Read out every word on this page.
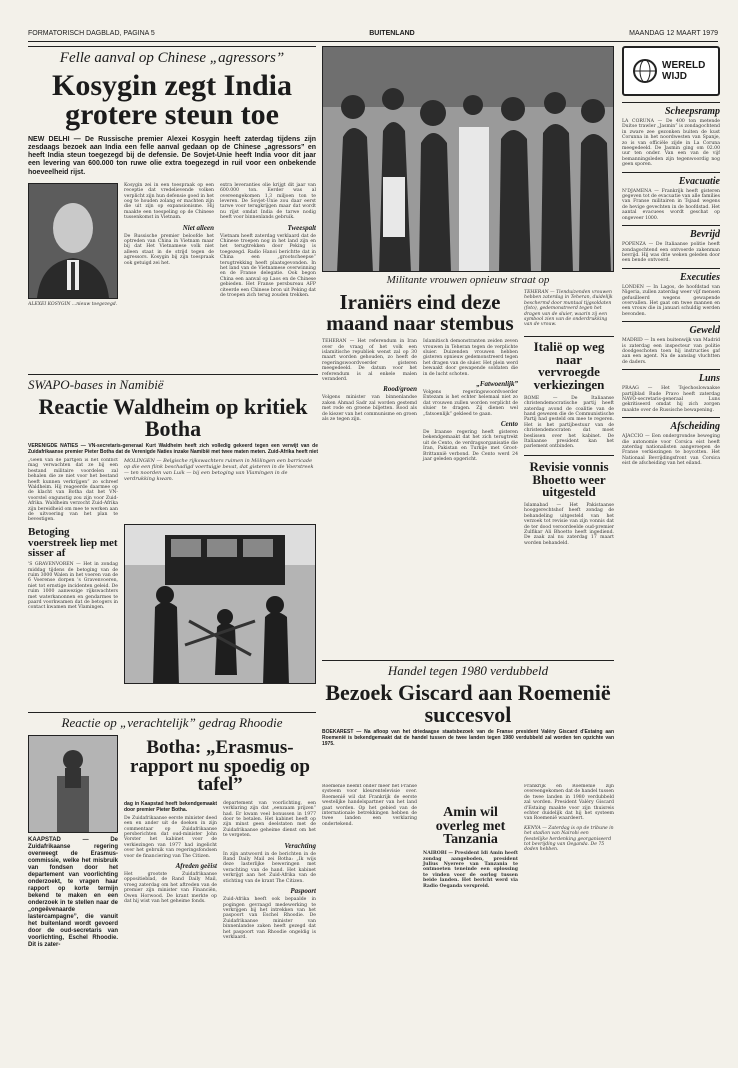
FORMATORISCH DAGBLAD, PAGINA 5	BUITENLAND	MAANDAG 12 MAART 1979
Felle aanval op Chinese „agressors”
Kosygin zegt India grotere steun toe
NEW DELHI — De Russische premier Alexei Kosygin heeft zaterdag tijdens zijn zesdaags bezoek aan India een felle aanval gedaan op de Chinese „agressors” en heeft India steun toegezegd bij de defensie. De Sovjet-Unie heeft India voor dit jaar een levering van 600.000 ton ruwe olie extra toegezegd in ruil voor een onbekende hoeveelheid rijst.
ALEXEI KOSYGIN ...nieuw toegezegd.
Kosygin zei in een toespraak op een receptie dat vredelievende volken verplicht zijn hun defensie goed in het oog te houden zolang er machten zijn die uit zijn op expansionisme. Hij maakte een toespeling op de Chinese tussenkomst in Vietnam.
Niet alleen
De Russische premier beloofde het optreden van China in Vietnam maar bij dat Het Vietnamese volk niet alleen staat in de strijd tegen de agressors. Kosygin bij zijn toespraak ook getuigd zei het.
extra leveranties olie krijgt dit jaar van 600.000 ton. Eerder was al overeengekomen 1,3 miljoen ton te leveren. De Sovjet-Unie zou daar eerst tarwe voor terugkrijgen maar dat wordt nu rijst omdat India de tarwe nodig heeft voor binnenlands gebruik.
Tweespalt
Vietnam heeft zaterdag verklaard dat de Chinese troepen nog in het land zijn en het terugtrekken door Peking is toegezegd. Radio Hanoi berichtte dat in China een „grootscheepse” terugtrekking heeft plaatsgevonden. In het land van de Vietnamese overwinning en de Franse delegatie. Ook begon China een aanval op Laos en de Chinese gebieden. Het Franse persbureau AFP citeerde een Chinese bron uit Peking dat de troepen zich terug zouden trekken.
Militante vrouwen opnieuw straat op
Iraniërs eind deze maand naar stembus
TEHERAN — Het referendum in Iran over de vraag of het volk een islamitische republiek wenst zal op 30 maart worden gehouden, zo heeft de regeringswoordvoerder gisteren meegedeeld. De datum voor het referendum is al enkele malen veranderd.
Rood/groen
Volgens minister van binnenlandse zaken Ahmad Sadr zal worden gestemd met rode en groene biljetten. Rood als de kiezer van het communisme en groen als ze tegen zijn.
Islamitisch demonstranten zeiden zeven vrouwen in Teheran tegen de verplichte sluier. Duizenden vrouwen hebben gisteren opnieuw gedemonstreerd tegen het dragen van de sluier. Het plein werd bewaakt door gewapende soldaten die in de lucht schoten.
„Fatwoenlijk”
Volgens regeringswoordvoerder Entezam is het echter helemaal niet zo dat vrouwen zullen worden verplicht de sluier te dragen. Zij dienen wel „fatsoenlijk” gekleed te gaan.
Cento
De Iraanse regering heeft gisteren bekendgemaakt dat het zich terugtrekt uit de Cento, de verdragsorganisatie die Iran, Pakistan en Turkije met Groot-Brittannië verbond. De Cento werd 24 jaar geleden opgericht.
TEHERAN — Tienduizenden vrouwen hebben zaterdag in Teheran, duidelijk beschermd door muntaal tijgsoldaten (foto), gedemonstreerd tegen het dragen van de sluier, waarin zij een symbool zien van de onderdrukking van de vrouw.
Italië op weg naar vervroegde verkiezingen
ROME — De Italiaanse christendemocratische partij heeft zaterdag avond de coalitie van de hand gewezen die de Communistische Partij had gesteld om mee te regeren. Het is het partijbestuur van de christendemocraten dat moet beslissen over het kabinet. De Italiaanse president kan het parlement ontbinden.
Revisie vonnis Bhoetto weer uitgesteld
Islamabad — Het Pakistaanse hooggerechtshof heeft zondag de behandeling uitgesteld van het verzoek tot revisie van zijn vonnis dat de ter dood veroordeelde oud-premier Zulfikar Ali Bhoetto heeft ingediend. De zaak zal nu zaterdag 17 maart worden behandeld.
WERELD WIJD
Scheepsramp
LA CORUNA — De 400 ton metende Duitse trawler „Jasmin” is zondagochtend in zware zee gezonken buiten de kust Corunna in het noordwesten van Spanje, zo is van officiële zijde in La Coruna meegedeeld. De Jasmin ging om 02.00 uur ten onder. Van een van de vijf bemanningsleden zijn tegenwoordig nog geen sporen.
Evacuatie
N'DJAMENA — Frankrijk heeft gisteren gegeven tot de evacuatie van alle families van Franse militairen in Tsjaad wegens de hevige gevechten in de hoofdstad. Het aantal evacuees wordt geschat op ongeveer 1000.
Bevrijd
POPENZA — De Italiaanse politie heeft zondagochtend een ontvoerde zakenman bevrijd. Hij was drie weken geleden door een bende ontvoerd.
Executies
LONDEN — In Lagos, de hoofdstad van Nigeria, zullen zaterdag weer vijf mensen gefusilleerd wegens gewapende overvallen. Het gaat om twee mannen en een vrouw die in januari schuldig werden bevonden.
Geweld
MADRID — In een buitenwijk van Madrid is zaterdag een inspecteur van politie doodgeschoten toen hij instructies gaf aan een agent. Na de aanslag vluchtten de daders.
Luns
PRAAG — Het Tsjechoslowaakse partijblad Rude Pravo heeft zaterdag NAVO-secretaris-generaal Luns gekritiseerd omdat hij zich zorgen maakte over de Russische bewapening.
Afscheiding
AJACCIO — Een ondergrondse beweging die autonomie voor Corsica eist heeft zaterdag nationalisten aangeroepen de Franse verkiezingen te boycotten. Het Nationaal Bevrijdingsfront van Corsica eist de afscheiding van het eiland.
SWAPO-bases in Namibië
Reactie Waldheim op kritiek Botha
VERENIGDE NATIES — VN-secretaris-generaal Kurt Waldheim heeft zich volledig gekeerd tegen een verwijt van de Zuidafrikaanse premier Pieter Botha dat de Verenigde Naties inzake Namibië met twee maten meten. Zuid-Afrika heeft niet
„Geen van de partijen is het conflict mag verwachten dat ze bij een bestand militaire voordelen zal behalen die ze niet voor het bestand heeft kunnen verkrijgen” zo schreef Waldheim. Hij reageerde daarmee op de klacht van Botha dat het VN-voorstel ongunstig zou zijn voor Zuid-Afrika. Waldheim verzocht Zuid-Afrika zijn bereidheid om mee te werken aan de uitvoering van het plan te bevestigen.
Betoging voerstreek liep met sisser af
'S GRAVENVOREN — Het in zondag middag tijdens de betoging van de ruim 3000 Walen in het voeren van de 6 Voerense dorpen 's Gravenvoeren, niet tot ernstige incidenten geleid. De ruim 1000 aanwezige rijkswachters met waterkanonnen en gendarmes te paard voorkwamen dat de betogers in contact kwamen met Vlamingen.
MOLINGEN — Belgische rijkswachters ruimen in Mölingen een barricade op die een flink beschadigd voertuigje bevat, dat gisteren in de Voerstreek — ten noorden van Luik — bij een betoging van Vlamingen in de verdrukking kwam.
Handel tegen 1980 verdubbeld
Bezoek Giscard aan Roemenië succesvol
BOEKAREST — Na afloop van het driedaagse staatsbezoek van de Franse president Valéry Giscard d'Estaing aan Roemenië is bekendgemaakt dat de handel tussen de twee landen tegen 1980 verdubbeld zal worden ten opzichte van 1975.
Roemenië neemt onder meer het Franse systeem voor kleurentelevisie over. Roemenië wil dat Frankrijk de eerste westelijke handelspartner van het land gaat worden. Op het gebied van de internationale betrekkingen hebben de twee landen een verklaring ondertekend.
Amin wil overleg met Tanzania
NAIROBI — President Idi Amin heeft zondag aangeboden, president Julius Nyerere van Tanzania te ontmoeten teneinde een oplossing te vinden voor de oorlog tussen beide landen. Het bericht werd via Radio Oeganda verspreid.
Frankrijk en Roemenië zijn overeengekomen dat de handel tussen de twee landen in 1980 verdubbeld zal worden. President Valéry Giscard d'Estaing maakte voor zijn thuisreis echter duidelijk dat hij het systeem van Roemenië waardeert.
KENYA — Zaterdag is op de tribune in het stadion van Nairobi een feestelijke herdenking georganiseerd tot bevrijding van Oeganda. De 75 doden hebben.
Reactie op „verachtelijk” gedrag Rhoodie
KAAPSTAD — De Zuidafrikaanse regering overweegt de Erasmus-commissie, welke het misbruik van fondsen door het departement van voorlichting onderzoekt, te vragen haar rapport op korte termijn bekend te maken en een onderzoek in te stellen naar de „ongeëvenaarde lastercampagne”, die vanuit het buitenland wordt gevoerd door de oud-secretaris van voorlichting, Eschel Rhoodie. Dit is zater-
Botha: „Erasmus-rapport nu spoedig op tafel”
dag in Kaapstad heeft bekendgemaakt door premier Pieter Botha.
De Zuidafrikaanse eerste minister deed een en ander uit de doeken in zijn commentaar op Zuidafrikaanse persberichten dat oud-minister John Vorster het kabinet voor de verkiezingen van 1977 had ingelicht over het gebruik van regeringsfondsen voor de financiering van The Citizen.
Afreden geëist
Het grootste Zuidafrikaanse oppositieblad, de Rand Daily Mail, vroeg zaterdag om het aftreden van de premier zijn minister van Financiën, Owen Horwood. De krant merkte op dat hij wist van het geheime fonds.
departement van voorlichting, een verklaring zijn dat „eenzaam prijzen” had. Er kwam veel bonussen in 1977 door te betalen. Het kabinet heeft op zijn minst geen deelstaten met de Zuidafrikaanse geheime dienst om het te vergeten.
Verachting
In zijn antwoord in de berichten in de Rand Daily Mail zei Botha: „Ik wijs deze lasterlijke beweringen met verachting van de hand. Het kabinet verkrijgt aan het Zuid-Afrika van de stichting van de krant The Citizen.
Paspoort
Zuid-Afrika heeft ook bepaalde in pogingen gevraagd medewerking te verkrijgen bij het intrekken van het paspoort van Eschel Rhoodie. De Zuidafrikaanse minister van binnenlandse zaken heeft gezegd dat het paspoort van Rhoodie ongeldig is verklaard.
